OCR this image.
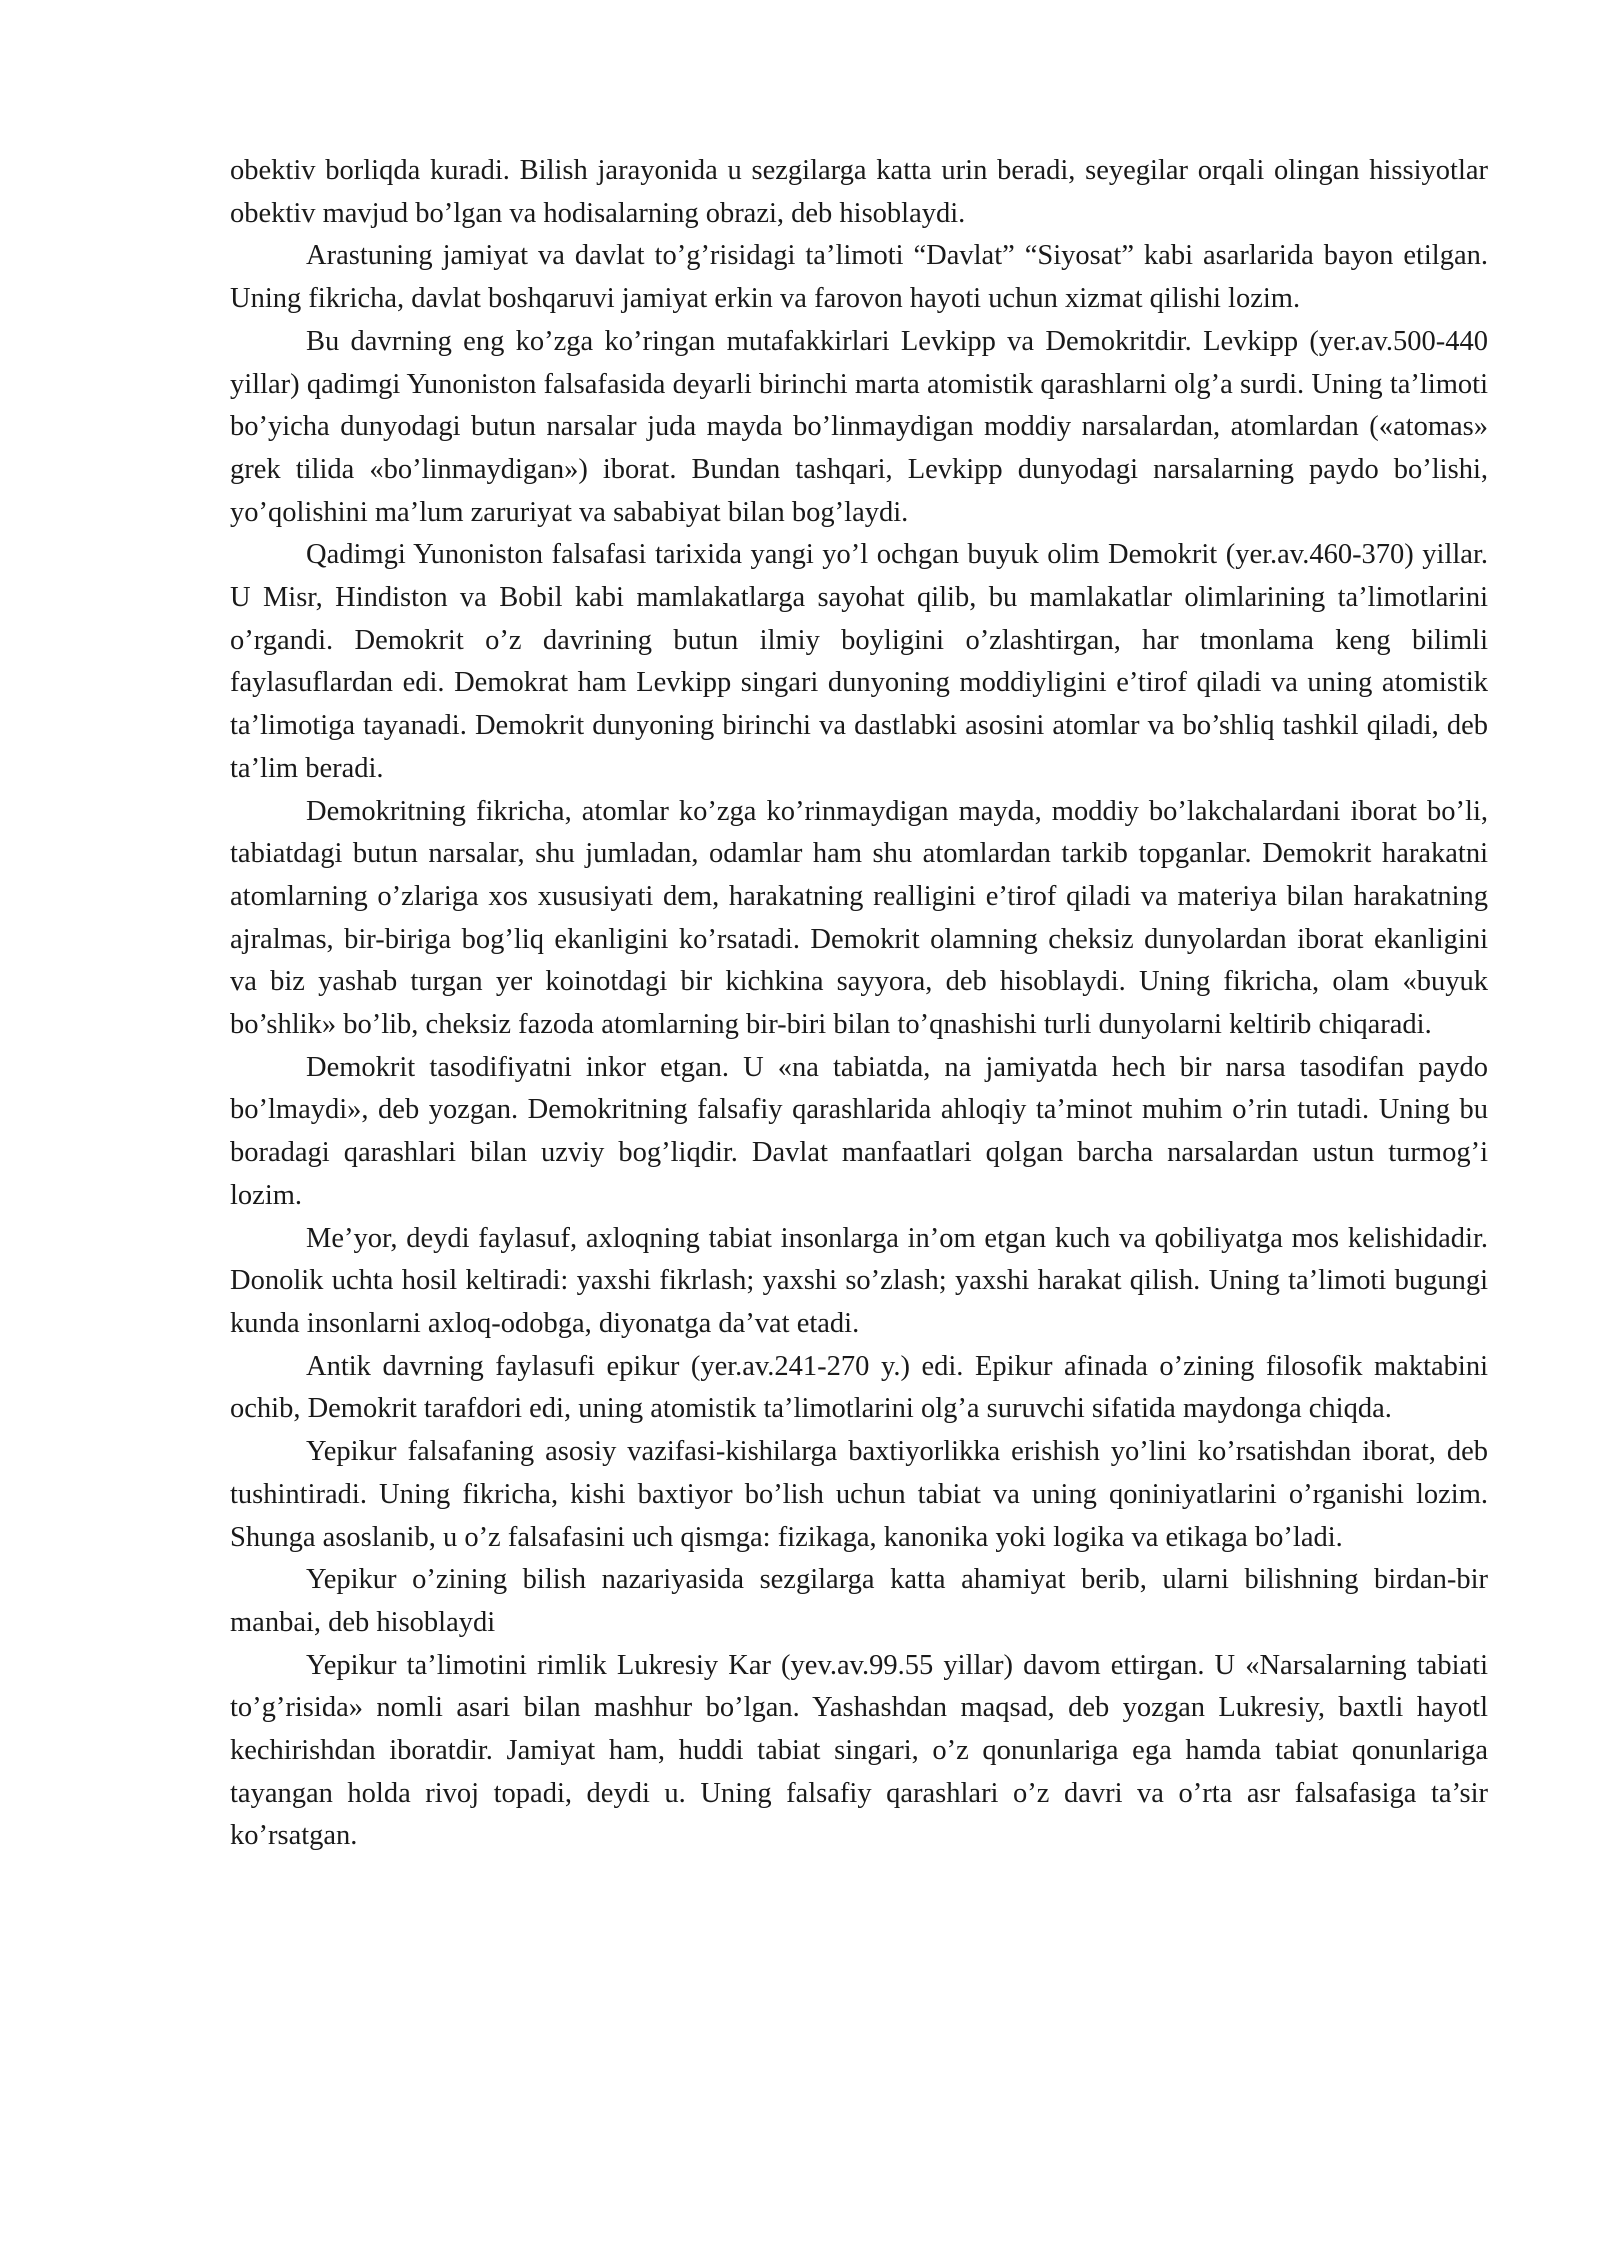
obektiv borliqda kuradi. Bilish jarayonida u sezgilarga katta urin beradi, seyegilar orqali olingan hissiyotlar obektiv mavjud bo’lgan va hodisalarning obrazi, deb hisoblaydi.

Arastuning jamiyat va davlat to’g’risidagi ta’limoti “Davlat” “Siyosat” kabi asarlarida bayon etilgan. Uning fikricha, davlat boshqaruvi jamiyat erkin va farovon hayoti uchun xizmat qilishi lozim.

Bu davrning eng ko’zga ko’ringan mutafakkirlari Levkipp va Demokritdir. Levkipp (yer.av.500-440 yillar) qadimgi Yunoniston falsafasida deyarli birinchi marta atomistik qarashlarni olg’a surdi. Uning ta’limoti bo’yicha dunyodagi butun narsalar juda mayda bo’linmaydigan moddiy narsalardan, atomlardan («atomas» grek tilida «bo’linmaydigan») iborat. Bundan tashqari, Levkipp dunyodagi narsalarning paydo bo’lishi, yo’qolishini ma’lum zaruriyat va sababiyat bilan bog’laydi.

Qadimgi Yunoniston falsafasi tarixida yangi yo’l ochgan buyuk olim Demokrit (yer.av.460-370) yillar. U Misr, Hindiston va Bobil kabi mamlakatlarga sayohat qilib, bu mamlakatlar olimlarining ta’limotlarini o’rgandi. Demokrit o’z davrining butun ilmiy boyligini o’zlashtirgan, har tmonlama keng bilimli faylasuflardan edi. Demokrat ham Levkipp singari dunyoning moddiyligini e’tirof qiladi va uning atomistik ta’limotiga tayanadi. Demokrit dunyoning birinchi va dastlabki asosini atomlar va bo’shliq tashkil qiladi, deb ta’lim beradi.

Demokritning fikricha, atomlar ko’zga ko’rinmaydigan mayda, moddiy bo’lakchalardani iborat bo’li, tabiatdagi butun narsalar, shu jumladan, odamlar ham shu atomlardan tarkib topganlar. Demokrit harakatni atomlarning o’zlariga xos xususiyati dem, harakatning realligini e’tirof qiladi va materiya bilan harakatning ajralmas, bir-biriga bog’liq ekanligini ko’rsatadi. Demokrit olamning cheksiz dunyolardan iborat ekanligini va biz yashab turgan yer koinotdagi bir kichkina sayyora, deb hisoblaydi. Uning fikricha, olam «buyuk bo’shlik» bo’lib, cheksiz fazoda atomlarning bir-biri bilan to’qnashishi turli dunyolarni keltirib chiqaradi.

Demokrit tasodifiyatni inkor etgan. U «na tabiatda, na jamiyatda hech bir narsa tasodifan paydo bo’lmaydi», deb yozgan. Demokritning falsafiy qarashlarida ahloqiy ta’minot muhim o’rin tutadi. Uning bu boradagi qarashlari bilan uzviy bog’liqdir. Davlat manfaatlari qolgan barcha narsalardan ustun turmog’i lozim.

Me’yor, deydi faylasuf, axloqning tabiat insonlarga in’om etgan kuch va qobiliyatga mos kelishidadir. Donolik uchta hosil keltiradi: yaxshi fikrlash; yaxshi so’zlash; yaxshi harakat qilish. Uning ta’limoti bugungi kunda insonlarni axloq-odobga, diyonatga da’vat etadi.

Antik davrning faylasufi epikur (yer.av.241-270 y.) edi. Epikur afinada o’zining filosofik maktabini ochib, Demokrit tarafdori edi, uning atomistik ta’limotlarini olg’a suruvchi sifatida maydonga chiqda.

Yepikur falsafaning asosiy vazifasi-kishilarga baxtiyorlikka erishish yo’lini ko’rsatishdan iborat, deb tushintiradi. Uning fikricha, kishi baxtiyor bo’lish uchun tabiat va uning qoniniyatlarini o’rganishi lozim. Shunga asoslanib, u o’z falsafasini uch qismga: fizikaga, kanonika yoki logika va etikaga bo’ladi.

Yepikur o’zining bilish nazariyasida sezgilarga katta ahamiyat berib, ularni bilishning birdan-bir manbai, deb hisoblaydi

Yepikur ta’limotini rimlik Lukresiy Kar (yev.av.99.55 yillar) davom ettirgan. U «Narsalarning tabiati to’g’risida» nomli asari bilan mashhur bo’lgan. Yashashdan maqsad, deb yozgan Lukresiy, baxtli hayotl kechirishdan iboratdir. Jamiyat ham, huddi tabiat singari, o’z qonunlariga ega hamda tabiat qonunlariga tayangan holda rivoj topadi, deydi u. Uning falsafiy qarashlari o’z davri va o’rta asr falsafasiga ta’sir ko’rsatgan.
